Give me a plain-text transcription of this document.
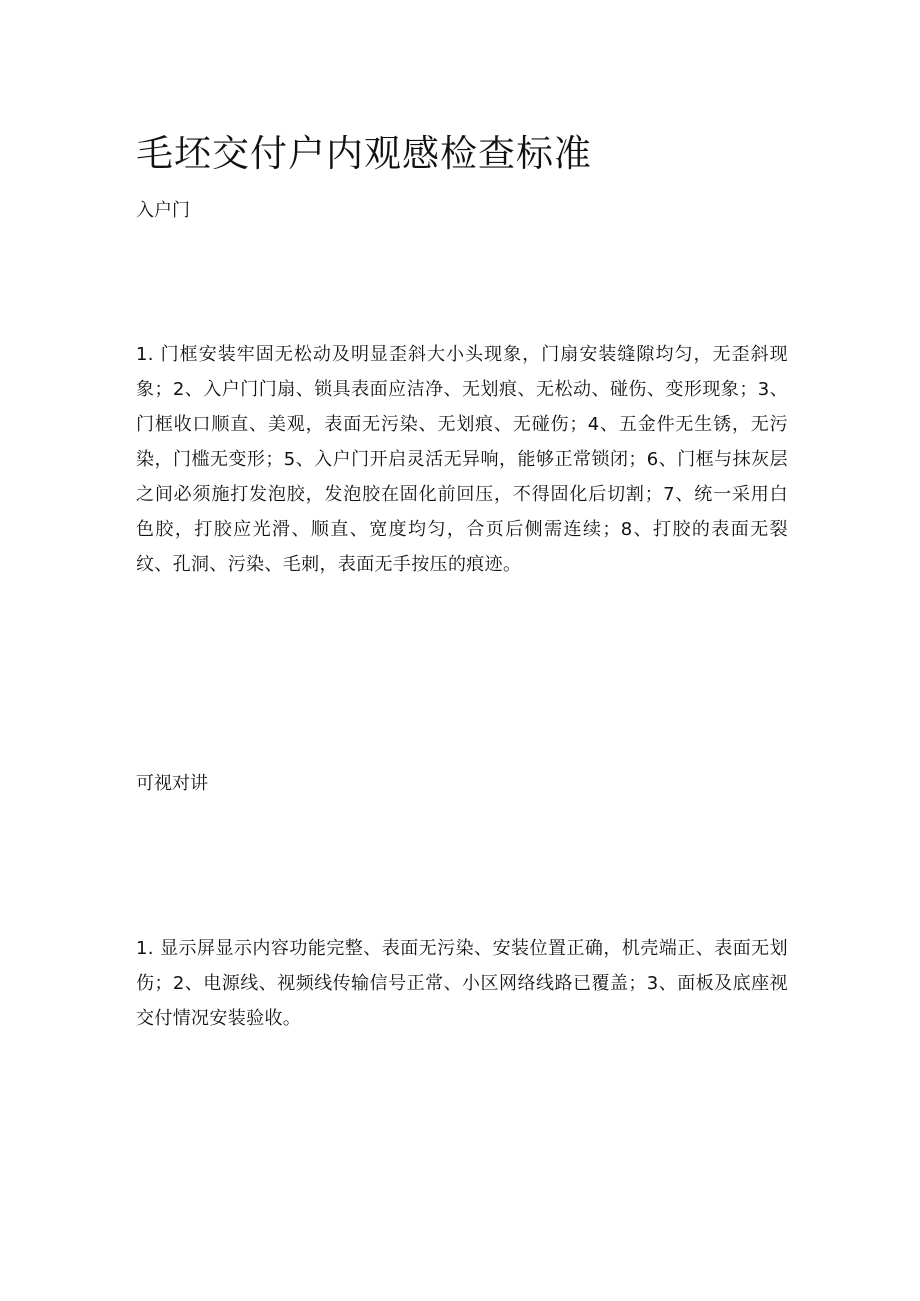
毛坯交付户内观感检查标准
入户门

1. 门框安装牢固无松动及明显歪斜大小头现象，门扇安装缝隙均匀，无歪斜现象；2、入户门门扇、锁具表面应洁净、无划痕、无松动、碰伤、变形现象；3、门框收口顺直、美观，表面无污染、无划痕、无碰伤；4、五金件无生锈，无污染，门槛无变形；5、入户门开启灵活无异响，能够正常锁闭；6、门框与抹灰层之间必须施打发泡胶，发泡胶在固化前回压，不得固化后切割；7、统一采用白色胶，打胶应光滑、顺直、宽度均匀，合页后侧需连续；8、打胶的表面无裂纹、孔洞、污染、毛刺，表面无手按压的痕迹。

可视对讲

1. 显示屏显示内容功能完整、表面无污染、安装位置正确，机壳端正、表面无划伤；2、电源线、视频线传输信号正常、小区网络线路已覆盖；3、面板及底座视交付情况安装验收。
